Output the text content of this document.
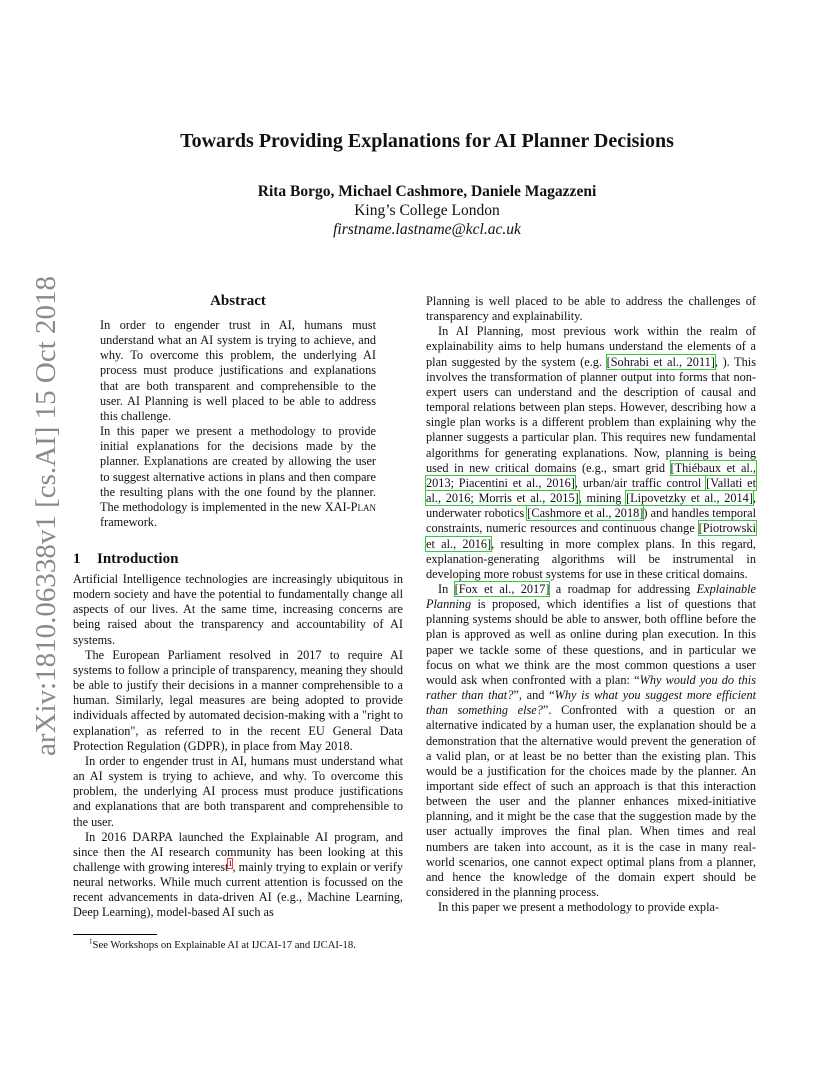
arXiv:1810.06338v1 [cs.AI] 15 Oct 2018
Towards Providing Explanations for AI Planner Decisions
Rita Borgo, Michael Cashmore, Daniele Magazzeni
King’s College London
firstname.lastname@kcl.ac.uk
Abstract

In order to engender trust in AI, humans must understand what an AI system is trying to achieve, and why. To overcome this problem, the underlying AI process must produce justifications and explanations that are both transparent and comprehensible to the user. AI Planning is well placed to be able to address this challenge.

In this paper we present a methodology to provide initial explanations for the decisions made by the planner. Explanations are created by allowing the user to suggest alternative actions in plans and then compare the resulting plans with the one found by the planner. The methodology is implemented in the new XAI-Plan framework.

1 Introduction

Artificial Intelligence technologies are increasingly ubiquitous in modern society and have the potential to fundamentally change all aspects of our lives. At the same time, increasing concerns are being raised about the transparency and accountability of AI systems.

The European Parliament resolved in 2017 to require AI systems to follow a principle of transparency, meaning they should be able to justify their decisions in a manner comprehensible to a human. Similarly, legal measures are being adopted to provide individuals affected by automated decision-making with a "right to explanation", as referred to in the recent EU General Data Protection Regulation (GDPR), in place from May 2018.

In order to engender trust in AI, humans must understand what an AI system is trying to achieve, and why. To overcome this problem, the underlying AI process must produce justifications and explanations that are both transparent and comprehensible to the user.

In 2016 DARPA launched the Explainable AI program, and since then the AI research community has been looking at this challenge with growing interest$^1$, mainly trying to explain or verify neural networks. While much current attention is focussed on the recent advancements in data-driven AI (e.g., Machine Learning, Deep Learning), model-based AI such as

Planning is well placed to be able to address the challenges of transparency and explainability.

In AI Planning, most previous work within the realm of explainability aims to help humans understand the elements of a plan suggested by the system (e.g. [Sohrabi et al., 2011], ). This involves the transformation of planner output into forms that non-expert users can understand and the description of causal and temporal relations between plan steps. However, describing how a single plan works is a different problem than explaining why the planner suggests a particular plan. This requires new fundamental algorithms for generating explanations. Now, planning is being used in new critical domains (e.g., smart grid [Thiébaux et al., 2013; Piacentini et al., 2016], urban/air traffic control [Vallati et al., 2016; Morris et al., 2015], mining [Lipovetzky et al., 2014], underwater robotics [Cashmore et al., 2018]) and handles temporal constraints, numeric resources and continuous change [Piotrowski et al., 2016], resulting in more complex plans. In this regard, explanation-generating algorithms will be instrumental in developing more robust systems for use in these critical domains.

In [Fox et al., 2017] a roadmap for addressing Explainable Planning is proposed, which identifies a list of questions that planning systems should be able to answer, both offline before the plan is approved as well as online during plan execution. In this paper we tackle some of these questions, and in particular we focus on what we think are the most common questions a user would ask when confronted with a plan: “Why would you do this rather than that?”, and “Why is what you suggest more efficient than something else?”. Confronted with a question or an alternative indicated by a human user, the explanation should be a demonstration that the alternative would prevent the generation of a valid plan, or at least be no better than the existing plan. This would be a justification for the choices made by the planner. An important side effect of such an approach is that this interaction between the user and the planner enhances mixed-initiative planning, and it might be the case that the suggestion made by the user actually improves the final plan. When times and real numbers are taken into account, as it is the case in many real-world scenarios, one cannot expect optimal plans from a planner, and hence the knowledge of the domain expert should be considered in the planning process.

In this paper we present a methodology to provide expla-

$^1$See Workshops on Explainable AI at IJCAI-17 and IJCAI-18.
